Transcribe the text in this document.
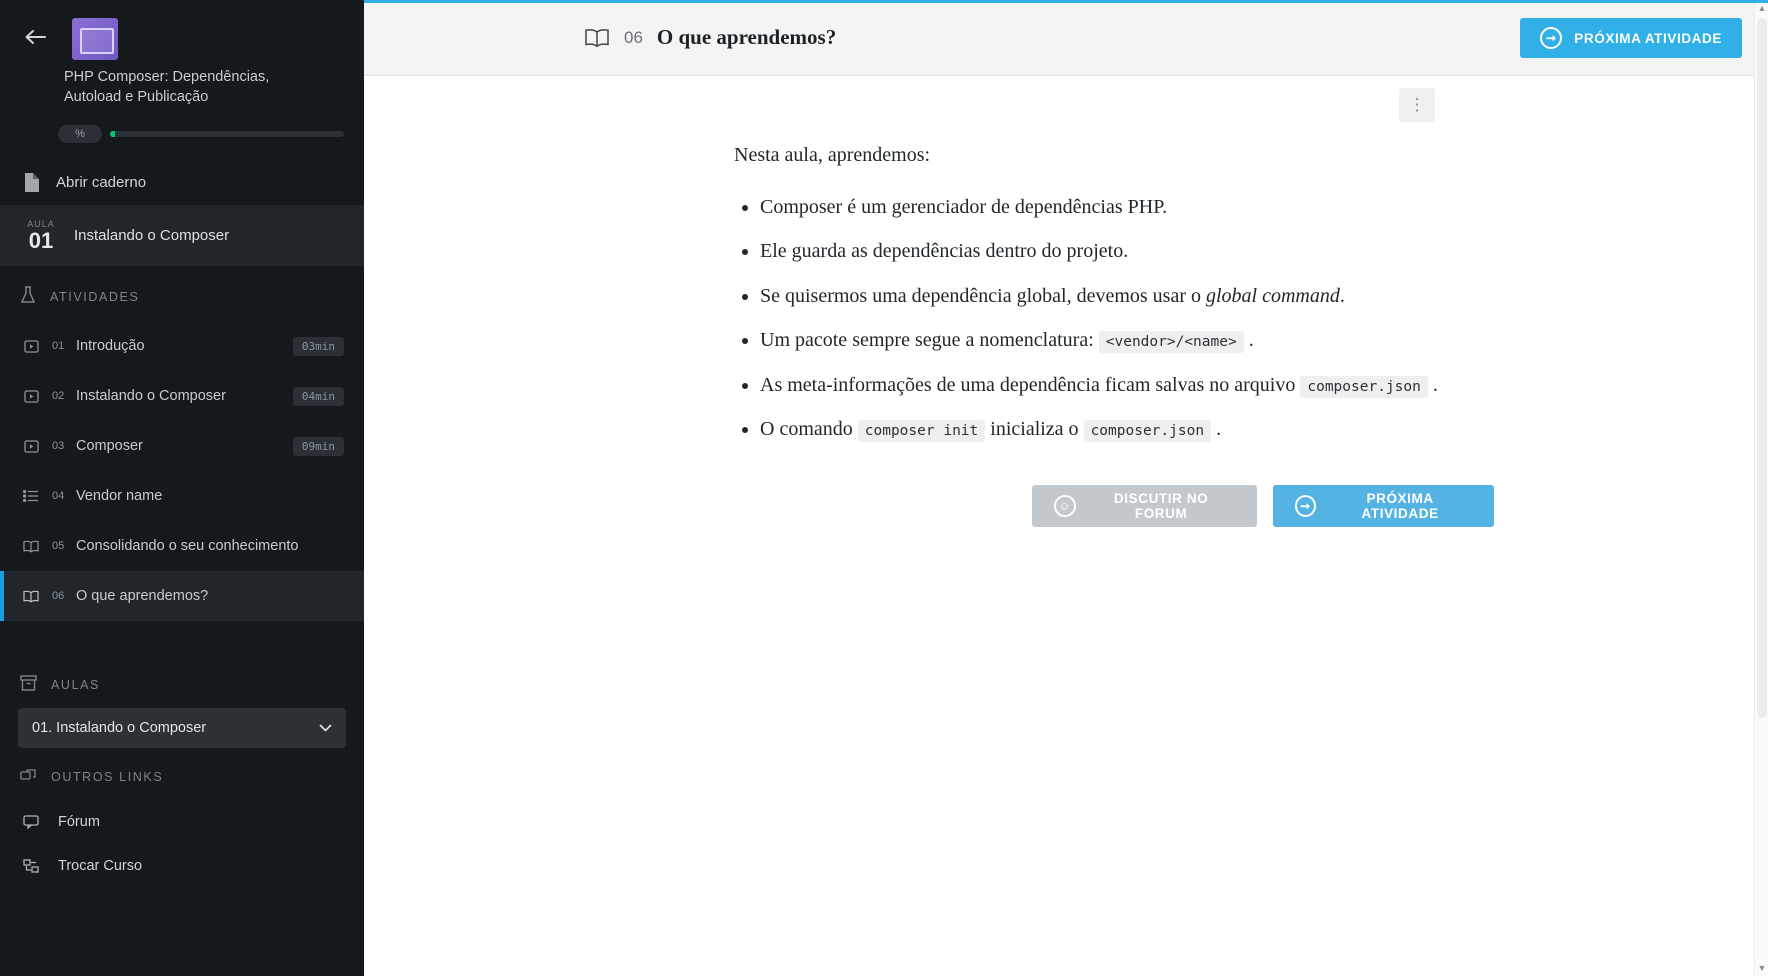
PHP Composer: Dependências, Autoload e Publicação
%
Abrir caderno
AULA
01	Instalando o Composer
ATIVIDADES
01 Introdução	03min
02 Instalando o Composer	04min
03 Composer	09min
04 Vendor name
05 Consolidando o seu conhecimento
06 O que aprendemos?
AULAS
01. Instalando o Composer
OUTROS LINKS
Fórum
Trocar Curso
06 O que aprendemos?	➞	PRÓXIMA ATIVIDADE
⋮

Nesta aula, aprendemos:

• Composer é um gerenciador de dependências PHP.
• Ele guarda as dependências dentro do projeto.
• Se quisermos uma dependência global, devemos usar o global command.
• Um pacote sempre segue a nomenclatura: <vendor>/<name> .
• As meta-informações de uma dependência ficam salvas no arquivo composer.json .
• O comando composer init inicializa o composer.json .
☺	DISCUTIR NO FORUM	➞	PRÓXIMA ATIVIDADE
▲
▼
